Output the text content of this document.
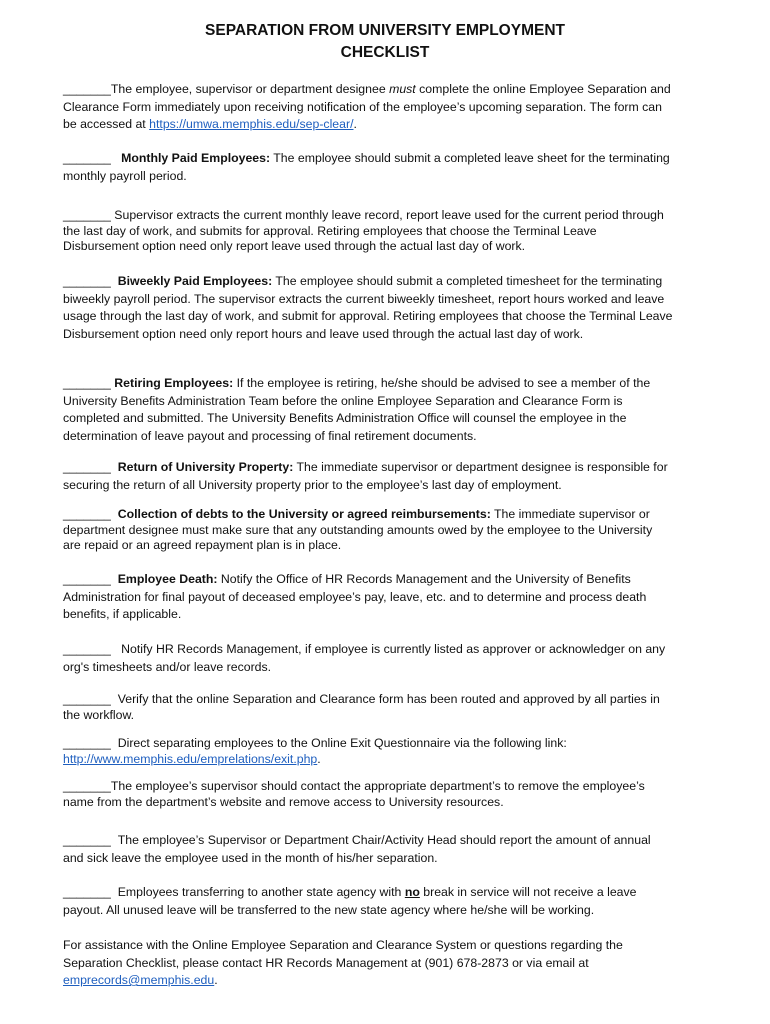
SEPARATION FROM UNIVERSITY EMPLOYMENT
CHECKLIST

_______The employee, supervisor or department designee must complete the online Employee Separation and Clearance Form immediately upon receiving notification of the employee’s upcoming separation. The form can be accessed at https://umwa.memphis.edu/sep-clear/.

_______ Monthly Paid Employees: The employee should submit a completed leave sheet for the terminating monthly payroll period.

_______ Supervisor extracts the current monthly leave record, report leave used for the current period through the last day of work, and submits for approval. Retiring employees that choose the Terminal Leave Disbursement option need only report leave used through the actual last day of work.

_______ Biweekly Paid Employees: The employee should submit a completed timesheet for the terminating biweekly payroll period. The supervisor extracts the current biweekly timesheet, report hours worked and leave usage through the last day of work, and submit for approval. Retiring employees that choose the Terminal Leave Disbursement option need only report hours and leave used through the actual last day of work.

_______ Retiring Employees: If the employee is retiring, he/she should be advised to see a member of the University Benefits Administration Team before the online Employee Separation and Clearance Form is completed and submitted. The University Benefits Administration Office will counsel the employee in the determination of leave payout and processing of final retirement documents.

_______ Return of University Property: The immediate supervisor or department designee is responsible for securing the return of all University property prior to the employee’s last day of employment.

_______ Collection of debts to the University or agreed reimbursements: The immediate supervisor or department designee must make sure that any outstanding amounts owed by the employee to the University are repaid or an agreed repayment plan is in place.

_______ Employee Death: Notify the Office of HR Records Management and the University of Benefits Administration for final payout of deceased employee’s pay, leave, etc. and to determine and process death benefits, if applicable.

_______ Notify HR Records Management, if employee is currently listed as approver or acknowledger on any org's timesheets and/or leave records.

_______ Verify that the online Separation and Clearance form has been routed and approved by all parties in the workflow.

_______ Direct separating employees to the Online Exit Questionnaire via the following link:
http://www.memphis.edu/emprelations/exit.php.

_______The employee’s supervisor should contact the appropriate department’s to remove the employee’s name from the department’s website and remove access to University resources.

_______ The employee’s Supervisor or Department Chair/Activity Head should report the amount of annual and sick leave the employee used in the month of his/her separation.

_______ Employees transferring to another state agency with no break in service will not receive a leave payout. All unused leave will be transferred to the new state agency where he/she will be working.

For assistance with the Online Employee Separation and Clearance System or questions regarding the Separation Checklist, please contact HR Records Management at (901) 678-2873 or via email at emprecords@memphis.edu.
